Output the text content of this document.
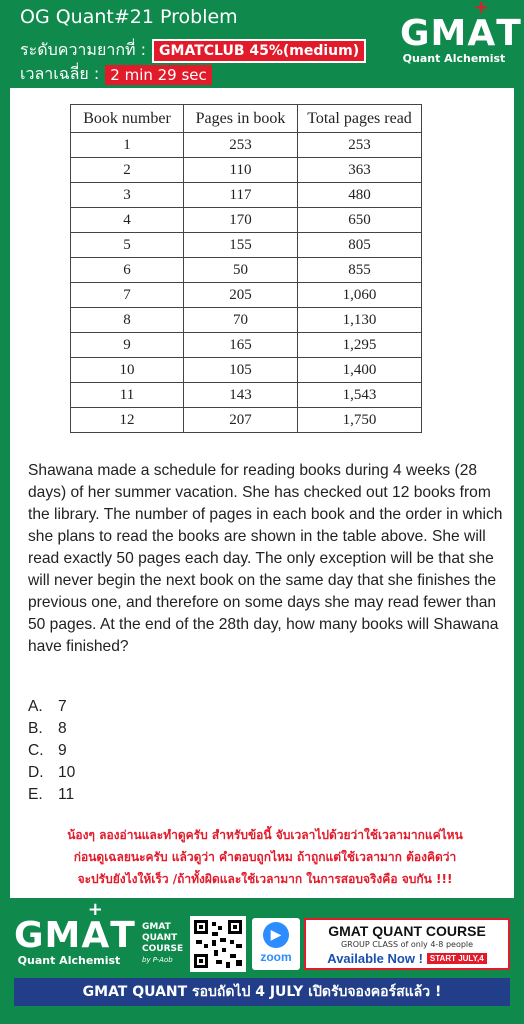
OG Quant#21 Problem
ระดับความยากที่ : GMATCLUB 45%(medium)
เวลาเฉลี่ย : 2 min 29 sec
GMA
+
T
Quant Alchemist
Book number	Pages in book	Total pages read
1	253	253
2	110	363
3	117	480
4	170	650
5	155	805
6	50	855
7	205	1,060
8	70	1,130
9	165	1,295
10	105	1,400
11	143	1,543
12	207	1,750
Shawana made a schedule for reading books during 4 weeks (28 days) of her summer vacation. She has checked out 12 books from the library. The number of pages in each book and the order in which she plans to read the books are shown in the table above. She will read exactly 50 pages each day. The only exception will be that she will never begin the next book on the same day that she finishes the previous one, and therefore on some days she may read fewer than 50 pages. At the end of the 28th day, how many books will Shawana have finished?
A. 7
B. 8
C. 9
D. 10
E. 11
น้องๆ ลองอ่านและทำดูครับ สำหรับข้อนี้ จับเวลาไปด้วยว่าใช้เวลามากแค่ไหน
ก่อนดูเฉลยนะครับ แล้วดูว่า คำตอบถูกไหม ถ้าถูกแต่ใช้เวลามาก ต้องคิดว่า
จะปรับยังไงให้เร็ว /ถ้าทั้งผิดและใช้เวลามาก ในการสอบจริงคือ จบกัน !!!
GMA
+
T
Quant Alchemist
GMAT
QUANT
COURSE
by P-Aob
▶
zoom
GMAT QUANT COURSE
GROUP CLASS of only 4-8 people
Available Now ! START JULY,4
GMAT QUANT รอบถัดไป 4 JULY เปิดรับจองคอร์สแล้ว !
